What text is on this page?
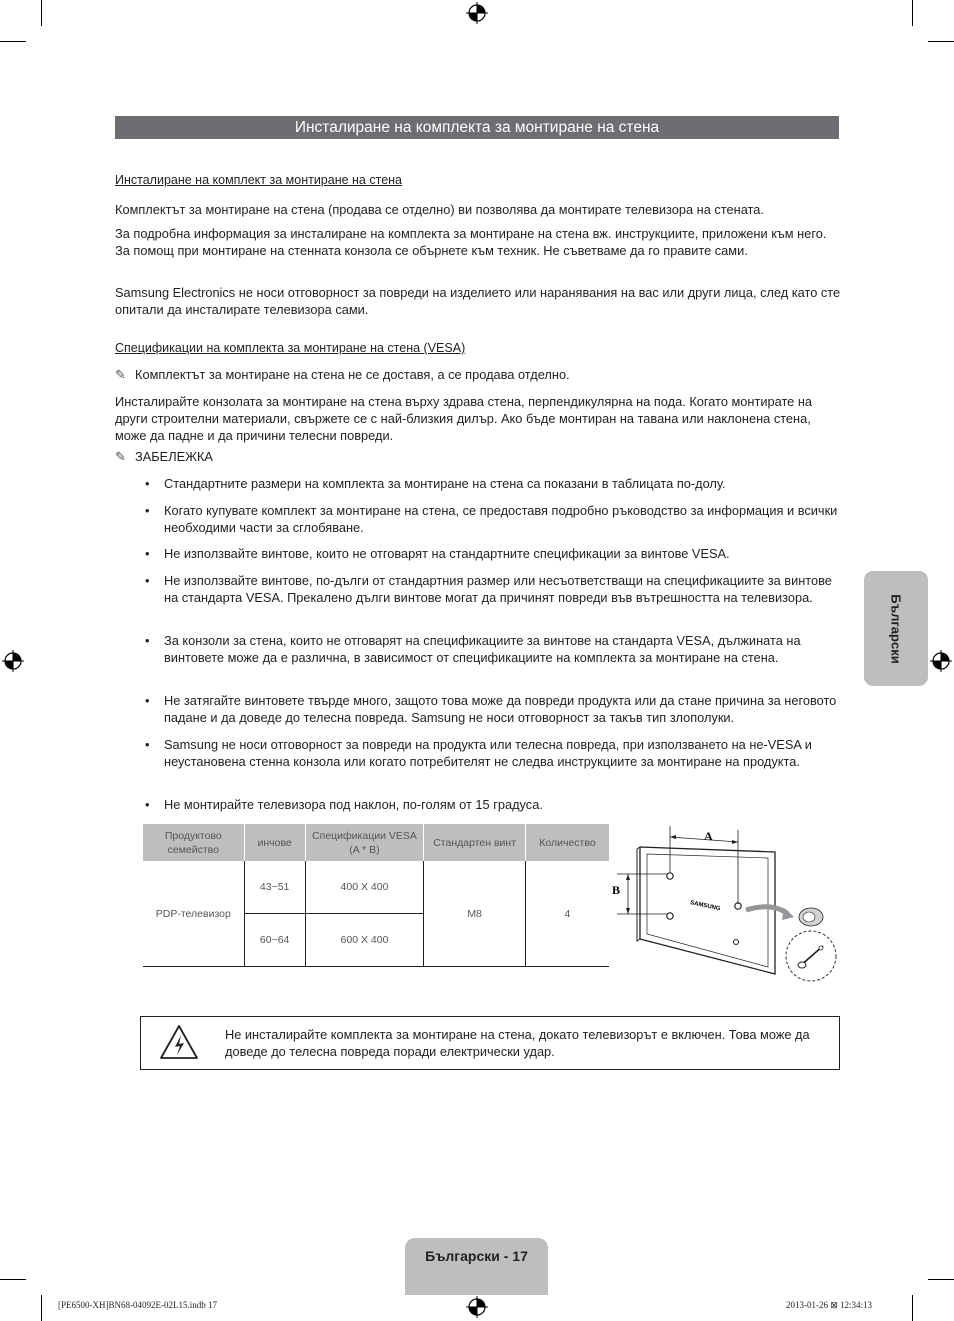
Инсталиране на комплекта за монтиране на стена
Инсталиране на комплект за монтиране на стена
Комплектът за монтиране на стена (продава се отделно) ви позволява да монтирате телевизора на стената.
За подробна информация за инсталиране на комплекта за монтиране на стена вж. инструкциите, приложени към него. За помощ при монтиране на стенната конзола се обърнете към техник. Не съветваме да го правите сами.
Samsung Electronics не носи отговорност за повреди на изделието или наранявания на вас или други лица, след като сте опитали да инсталирате телевизора сами.
Спецификации на комплекта за монтиране на стена (VESA)
✎ Комплектът за монтиране на стена не се доставя, а се продава отделно.
Инсталирайте конзолата за монтиране на стена върху здрава стена, перпендикулярна на пода. Когато монтирате на други строителни материали, свържете се с най-близкия дилър. Ако бъде монтиран на тавана или наклонена стена, може да падне и да причини телесни повреди.
✎ ЗАБЕЛЕЖКА
• Стандартните размери на комплекта за монтиране на стена са показани в таблицата по-долу.
• Когато купувате комплект за монтиране на стена, се предоставя подробно ръководство за информация и всички необходими части за сглобяване.
• Не използвайте винтове, които не отговарят на стандартните спецификации за винтове VESA.
• Не използвайте винтове, по-дълги от стандартния размер или несъответстващи на спецификациите за винтове на стандарта VESA. Прекалено дълги винтове могат да причинят повреди във вътрешността на телевизора.
• За конзоли за стена, които не отговарят на спецификациите за винтове на стандарта VESA, дължината на винтовете може да е различна, в зависимост от спецификациите на комплекта за монтиране на стена.
• Не затягайте винтовете твърде много, защото това може да повреди продукта или да стане причина за неговото падане и да доведе до телесна повреда. Samsung не носи отговорност за такъв тип злополуки.
• Samsung не носи отговорност за повреди на продукта или телесна повреда, при използването на не-VESA и неустановена стенна конзола или когато потребителят не следва инструкциите за монтиране на продукта.
• Не монтирайте телевизора под наклон, по-голям от 15 градуса.
Продуктово семейство	инчове	Спецификации VESA (A * B)	Стандартен винт	Количество
PDP-телевизор	43~51	400 X 400	M8	4
	60~64	600 X 400		
A
B
SAMSUNG
Не инсталирайте комплекта за монтиране на стена, докато телевизорът е включен. Това може да доведе до телесна повреда поради електрически удар.
Български
Български - 17
[PE6500-XH]BN68-04092E-02L15.indb 17	2013-01-26 ⊠ 12:34:13
